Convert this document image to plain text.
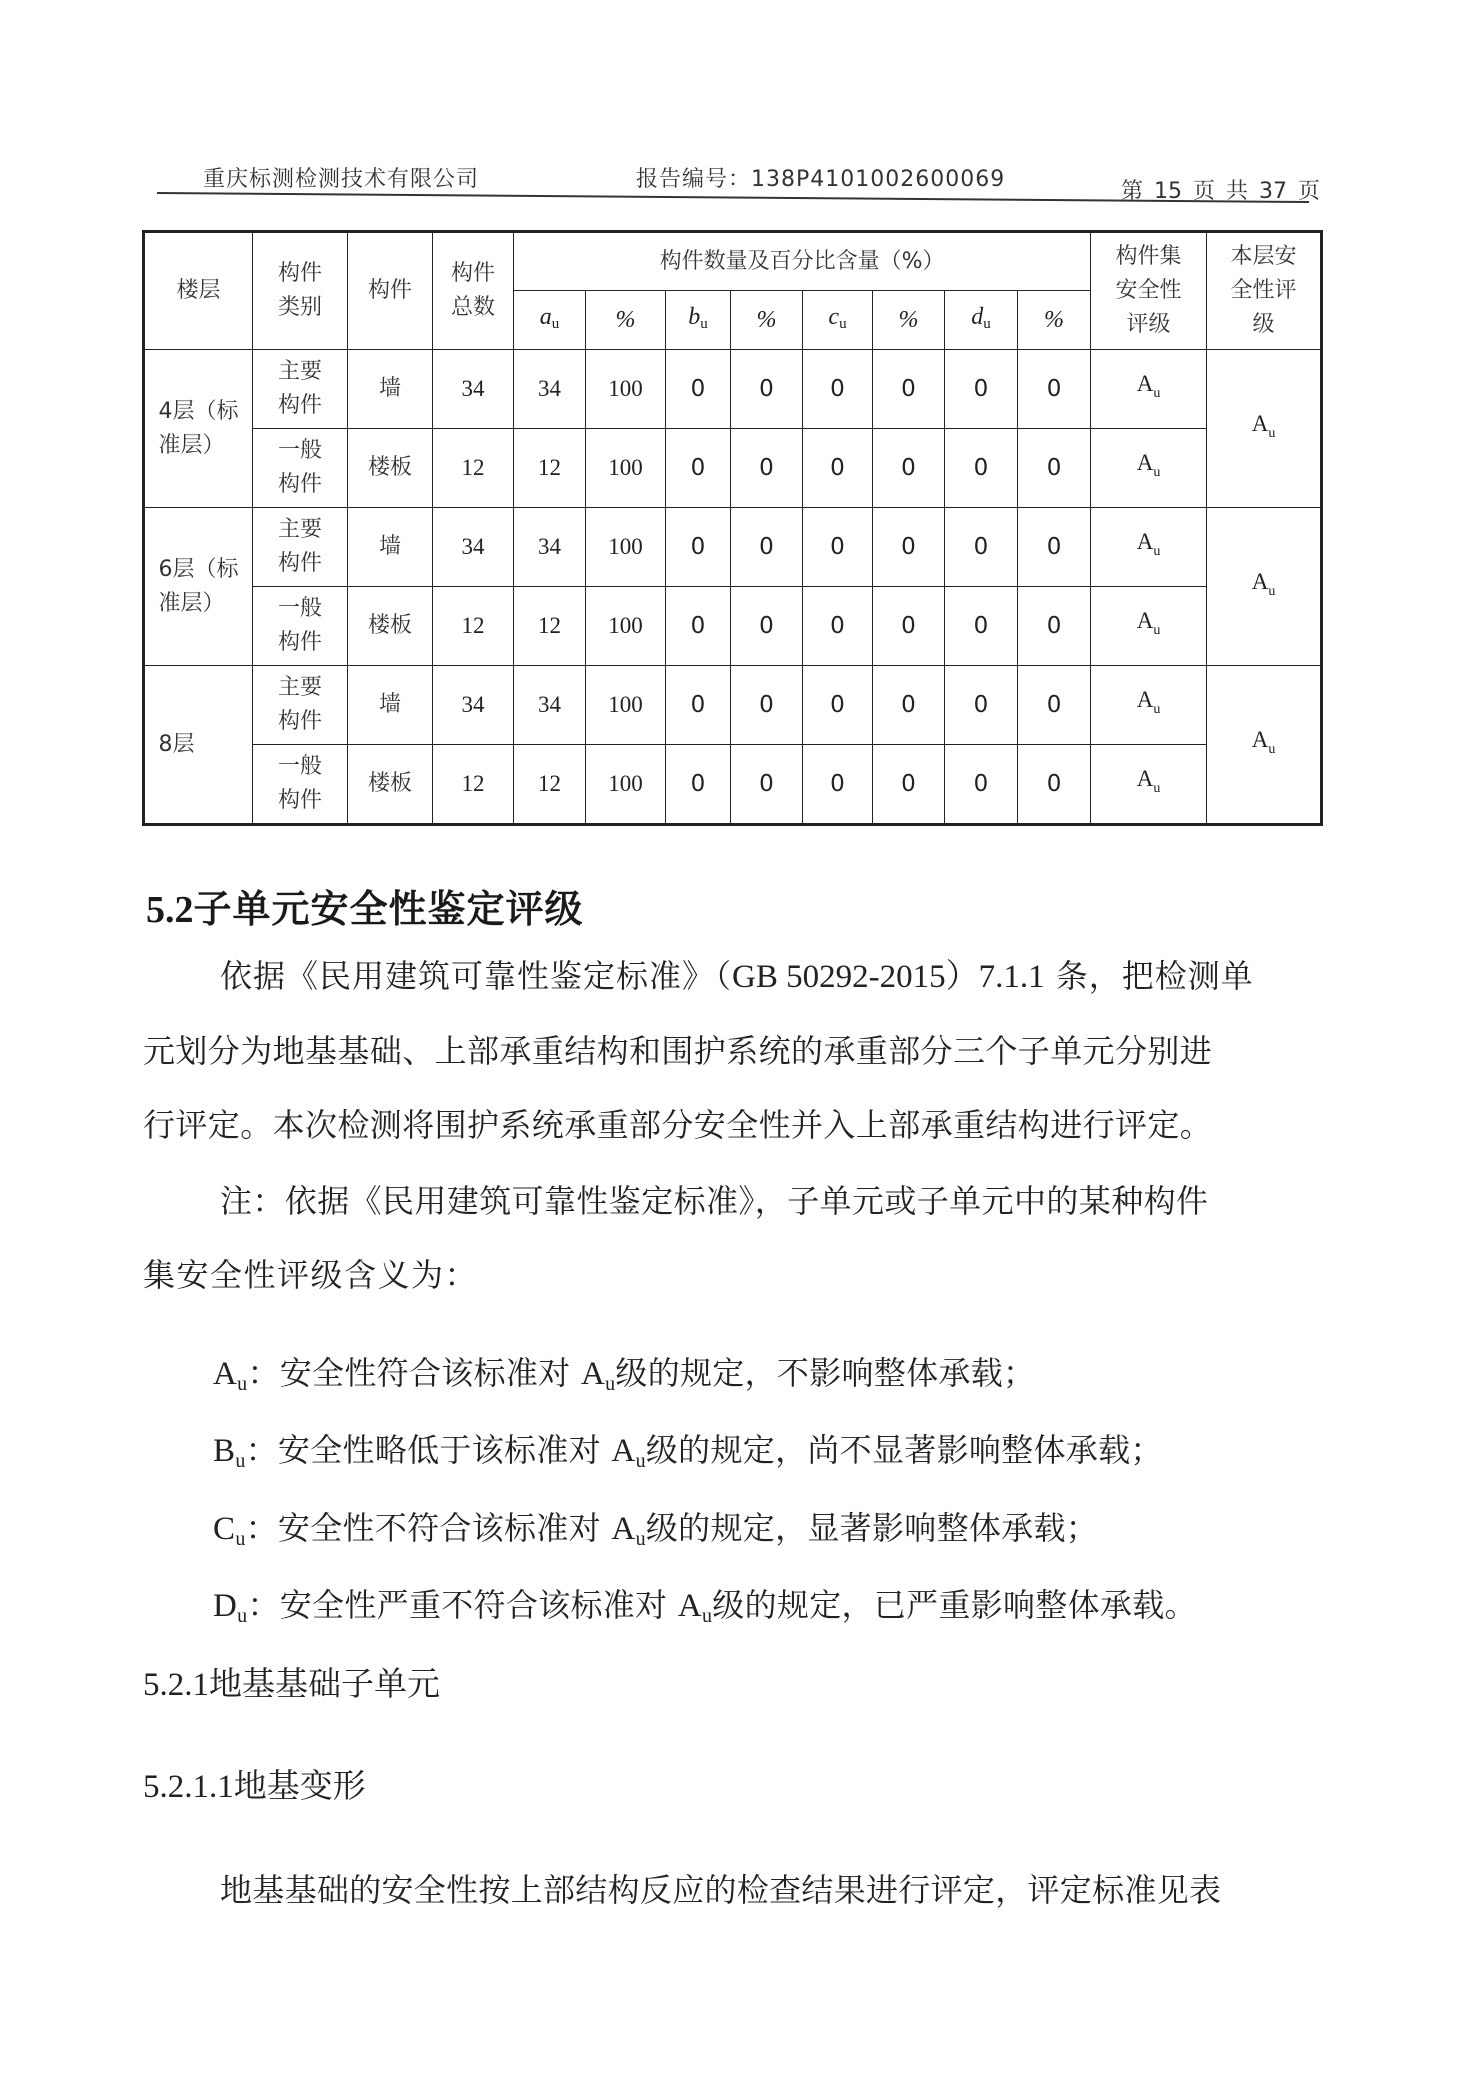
重庆标测检测技术有限公司	报告编号：138P4101002600069	第 15 页 共 37 页
楼层	构件类别	构件	构件总数	构件数量及百分比含量（%）								构件集安全性评级	本层安全性评级

				$a_u$	%	$b_u$	%	$c_u$	%	$d_u$	%		

4层（标准层）	主要构件	墙	34	34	100	0	0	0	0	0	0	$A_u$	$A_u$

	一般构件	楼板	12	12	100	0	0	0	0	0	0	$A_u$

6层（标准层）	主要构件	墙	34	34	100	0	0	0	0	0	0	$A_u$	$A_u$

	一般构件	楼板	12	12	100	0	0	0	0	0	0	$A_u$

8层	主要构件	墙	34	34	100	0	0	0	0	0	0	$A_u$	$A_u$

	一般构件	楼板	12	12	100	0	0	0	0	0	0	$A_u$
5.2子单元安全性鉴定评级
依据《民用建筑可靠性鉴定标准》（GB 50292-2015）7.1.1 条，把检测单
元划分为地基基础、上部承重结构和围护系统的承重部分三个子单元分别进
行评定。本次检测将围护系统承重部分安全性并入上部承重结构进行评定。
注：依据《民用建筑可靠性鉴定标准》，子单元或子单元中的某种构件
集安全性评级含义为：
$A_u$：安全性符合该标准对 $A_u$级的规定，不影响整体承载；
$B_u$：安全性略低于该标准对 $A_u$级的规定，尚不显著影响整体承载；
$C_u$：安全性不符合该标准对 $A_u$级的规定，显著影响整体承载；
$D_u$：安全性严重不符合该标准对 $A_u$级的规定，已严重影响整体承载。
5.2.1地基基础子单元
5.2.1.1地基变形
地基基础的安全性按上部结构反应的检查结果进行评定，评定标准见表
